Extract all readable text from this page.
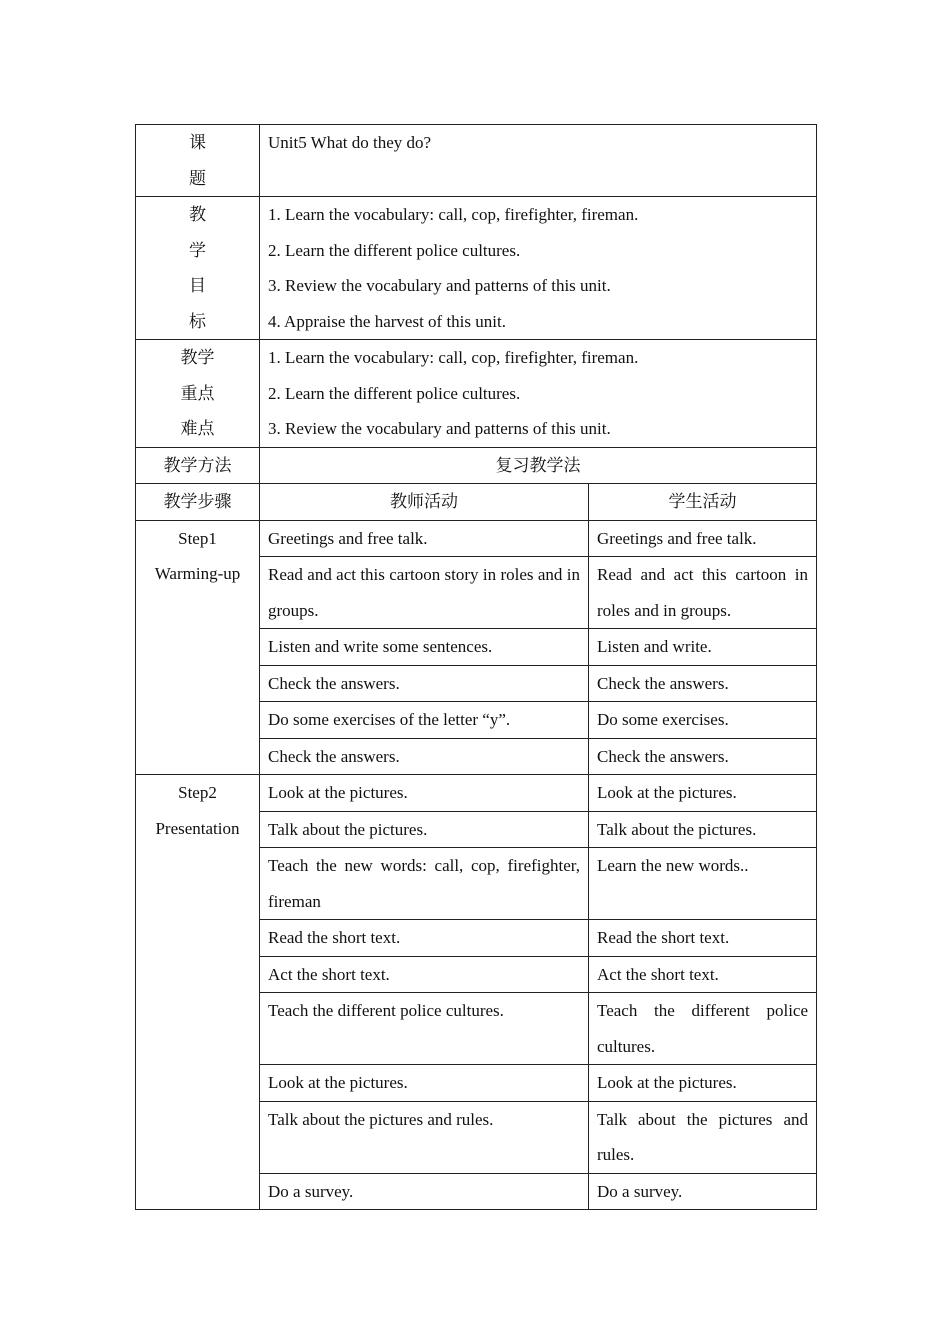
课
题	Unit5 What do they do?	

教
学
目
标	1. Learn the vocabulary: call, cop, firefighter, fireman.
2. Learn the different police cultures.
3. Review the vocabulary and patterns of this unit.
4. Appraise the harvest of this unit.	

教学
重点
难点	1. Learn the vocabulary: call, cop, firefighter, fireman.
2. Learn the different police cultures.
3. Review the vocabulary and patterns of this unit.	

教学方法	复习教学法	
教学步骤	教师活动	学生活动

Step1
Warming-up	Greetings and free talk.	Greetings and free talk.
	Read and act this cartoon story in roles and in groups.	Read and act this cartoon in roles and in groups.
	Listen and write some sentences.	Listen and write.
	Check the answers.	Check the answers.
	Do some exercises of the letter “y”.	Do some exercises.
	Check the answers.	Check the answers.

Step2
Presentation	Look at the pictures.	Look at the pictures.
	Talk about the pictures.	Talk about the pictures.
	Teach the new words: call, cop, firefighter, fireman	Learn the new words..
	Read the short text.	Read the short text.
	Act the short text.	Act the short text.
	Teach the different police cultures.	Teach the different police cultures.
	Look at the pictures.	Look at the pictures.
	Talk about the pictures and rules.	Talk about the pictures and rules.
	Do a survey.	Do a survey.
